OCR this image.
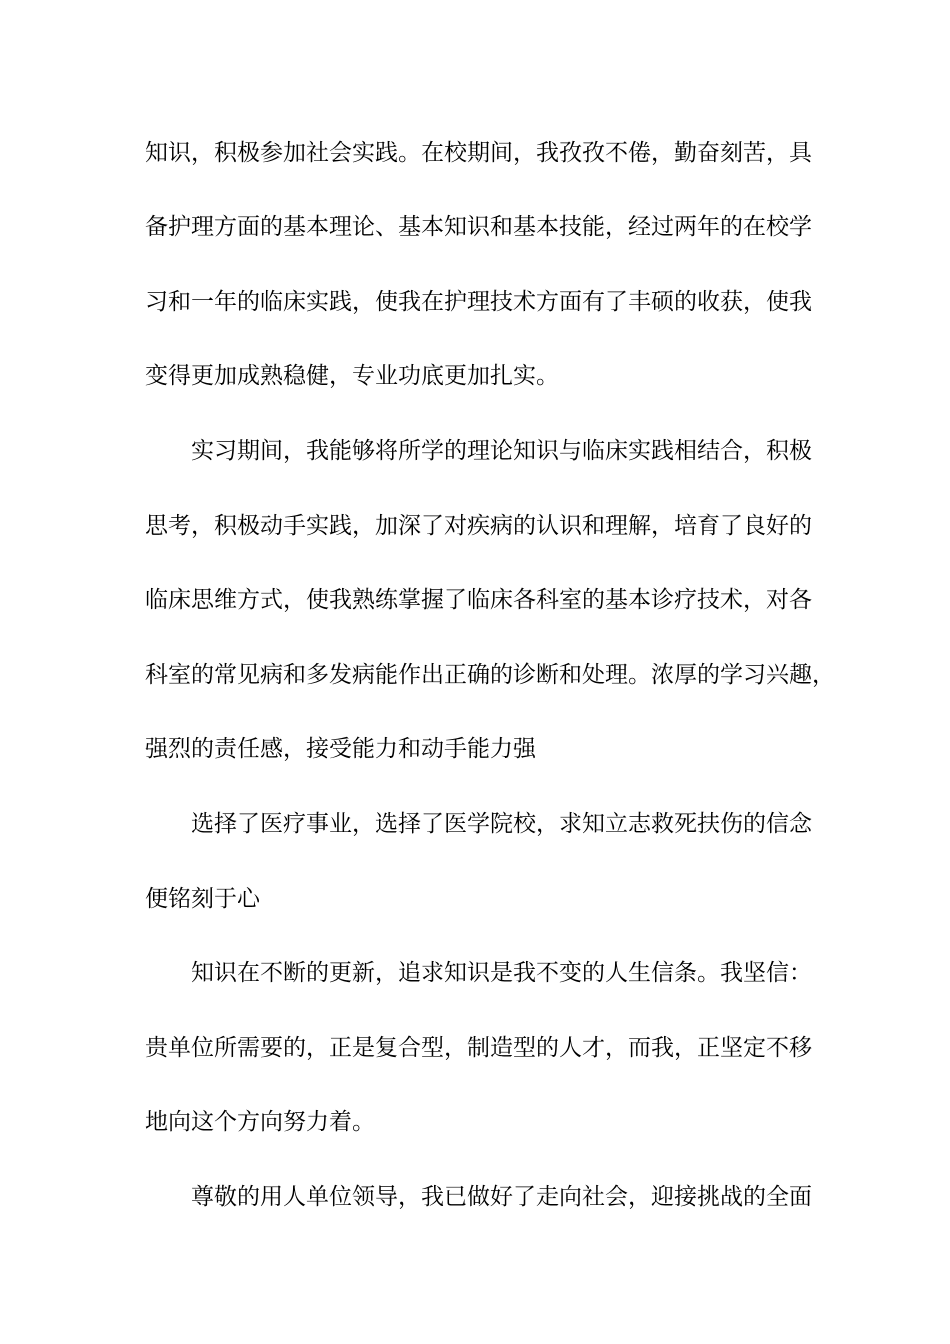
知识，积极参加社会实践。在校期间，我孜孜不倦，勤奋刻苦，具
备护理方面的基本理论、基本知识和基本技能，经过两年的在校学
习和一年的临床实践，使我在护理技术方面有了丰硕的收获，使我
变得更加成熟稳健，专业功底更加扎实。
实习期间，我能够将所学的理论知识与临床实践相结合，积极
思考，积极动手实践，加深了对疾病的认识和理解，培育了良好的
临床思维方式，使我熟练掌握了临床各科室的基本诊疗技术，对各
科室的常见病和多发病能作出正确的诊断和处理。浓厚的学习兴趣，
强烈的责任感，接受能力和动手能力强
选择了医疗事业，选择了医学院校，求知立志救死扶伤的信念
便铭刻于心
知识在不断的更新，追求知识是我不变的人生信条。我坚信：
贵单位所需要的，正是复合型，制造型的人才，而我，正坚定不移
地向这个方向努力着。
尊敬的用人单位领导，我已做好了走向社会，迎接挑战的全面
